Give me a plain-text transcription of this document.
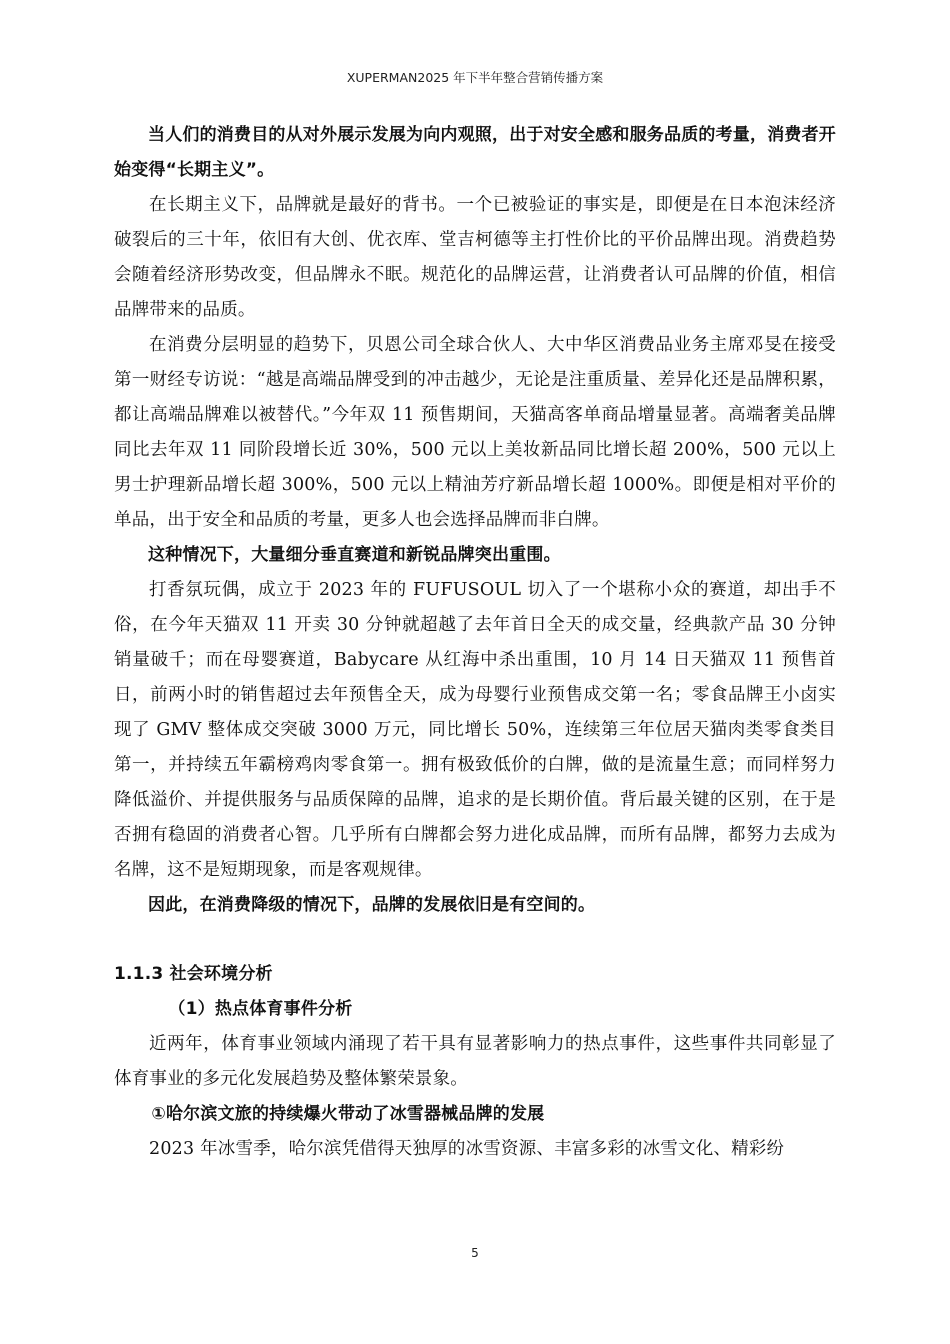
XUPERMAN2025 年下半年整合营销传播方案

当人们的消费目的从对外展示发展为向内观照，出于对安全感和服务品质的考量，消费者开始变得“长期主义”。

在长期主义下，品牌就是最好的背书。一个已被验证的事实是，即便是在日本泡沫经济破裂后的三十年，依旧有大创、优衣库、堂吉柯德等主打性价比的平价品牌出现。消费趋势会随着经济形势改变，但品牌永不眠。规范化的品牌运营，让消费者认可品牌的价值，相信品牌带来的品质。

在消费分层明显的趋势下，贝恩公司全球合伙人、大中华区消费品业务主席邓旻在接受第一财经专访说：“越是高端品牌受到的冲击越少，无论是注重质量、差异化还是品牌积累，都让高端品牌难以被替代。”今年双 11 预售期间，天猫高客单商品增量显著。高端奢美品牌同比去年双 11 同阶段增长近 30%，500 元以上美妆新品同比增长超 200%，500 元以上男士护理新品增长超 300%，500 元以上精油芳疗新品增长超 1000%。即便是相对平价的单品，出于安全和品质的考量，更多人也会选择品牌而非白牌。

这种情况下，大量细分垂直赛道和新锐品牌突出重围。

打香氛玩偶，成立于 2023 年的 FUFUSOUL 切入了一个堪称小众的赛道，却出手不俗，在今年天猫双 11 开卖 30 分钟就超越了去年首日全天的成交量，经典款产品 30 分钟销量破千；而在母婴赛道，Babycare 从红海中杀出重围，10 月 14 日天猫双 11 预售首日，前两小时的销售超过去年预售全天，成为母婴行业预售成交第一名；零食品牌王小卤实现了 GMV 整体成交突破 3000 万元，同比增长 50%，连续第三年位居天猫肉类零食类目第一，并持续五年霸榜鸡肉零食第一。拥有极致低价的白牌，做的是流量生意；而同样努力降低溢价、并提供服务与品质保障的品牌，追求的是长期价值。背后最关键的区别，在于是否拥有稳固的消费者心智。几乎所有白牌都会努力进化成品牌，而所有品牌，都努力去成为名牌，这不是短期现象，而是客观规律。

因此，在消费降级的情况下，品牌的发展依旧是有空间的。

1.1.3 社会环境分析

（1）热点体育事件分析

近两年，体育事业领域内涌现了若干具有显著影响力的热点事件，这些事件共同彰显了体育事业的多元化发展趋势及整体繁荣景象。

①哈尔滨文旅的持续爆火带动了冰雪器械品牌的发展

2023 年冰雪季，哈尔滨凭借得天独厚的冰雪资源、丰富多彩的冰雪文化、精彩纷

5
